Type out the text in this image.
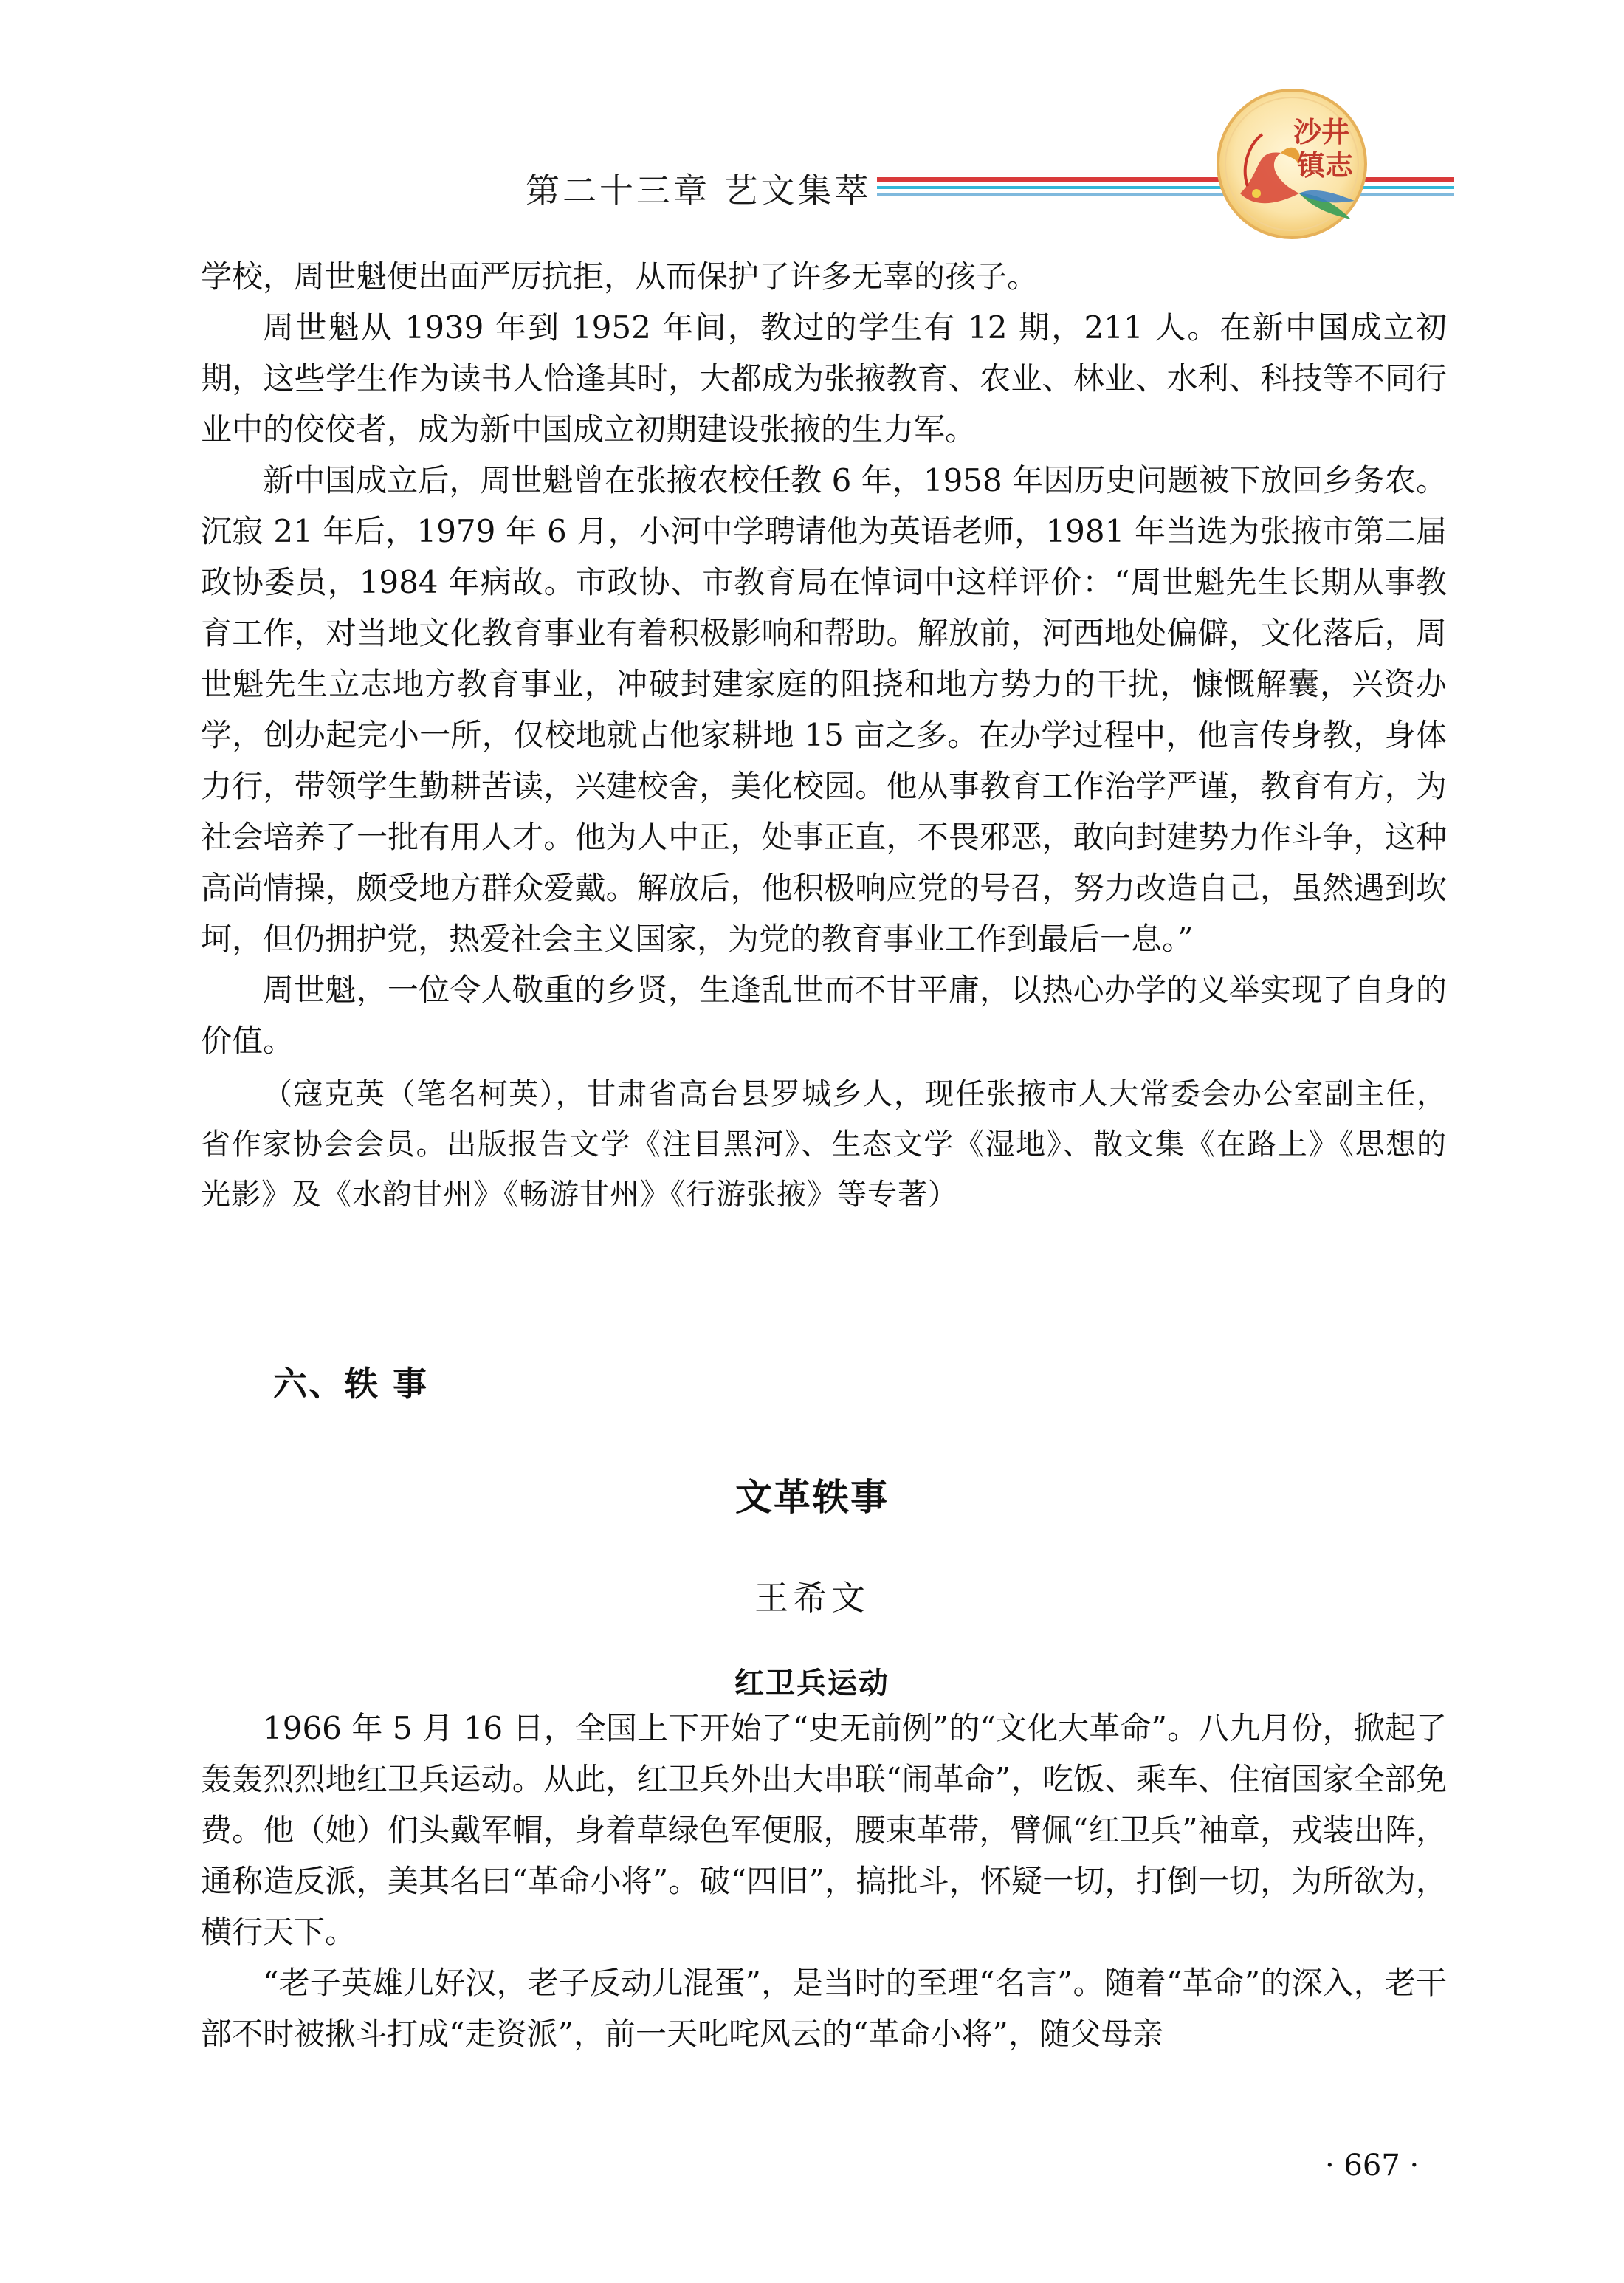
第二十三章 艺文集萃
沙井
镇志

学校，周世魁便出面严厉抗拒，从而保护了许多无辜的孩子。

周世魁从 1939 年到 1952 年间，教过的学生有 12 期，211 人。在新中国成立初期，这些学生作为读书人恰逢其时，大都成为张掖教育、农业、林业、水利、科技等不同行业中的佼佼者，成为新中国成立初期建设张掖的生力军。

新中国成立后，周世魁曾在张掖农校任教 6 年，1958 年因历史问题被下放回乡务农。沉寂 21 年后，1979 年 6 月，小河中学聘请他为英语老师，1981 年当选为张掖市第二届政协委员，1984 年病故。市政协、市教育局在悼词中这样评价：“周世魁先生长期从事教育工作，对当地文化教育事业有着积极影响和帮助。解放前，河西地处偏僻，文化落后，周世魁先生立志地方教育事业，冲破封建家庭的阻挠和地方势力的干扰，慷慨解囊，兴资办学，创办起完小一所，仅校地就占他家耕地 15 亩之多。在办学过程中，他言传身教，身体力行，带领学生勤耕苦读，兴建校舍，美化校园。他从事教育工作治学严谨，教育有方，为社会培养了一批有用人才。他为人中正，处事正直，不畏邪恶，敢向封建势力作斗争，这种高尚情操，颇受地方群众爱戴。解放后，他积极响应党的号召，努力改造自己，虽然遇到坎坷，但仍拥护党，热爱社会主义国家，为党的教育事业工作到最后一息。”

周世魁，一位令人敬重的乡贤，生逢乱世而不甘平庸，以热心办学的义举实现了自身的价值。

（寇克英（笔名柯英），甘肃省高台县罗城乡人，现任张掖市人大常委会办公室副主任，省作家协会会员。出版报告文学《注目黑河》、生态文学《湿地》、散文集《在路上》《思想的光影》及《水韵甘州》《畅游甘州》《行游张掖》等专著）

六、轶 事
文革轶事
王希文
红卫兵运动

1966 年 5 月 16 日，全国上下开始了“史无前例”的“文化大革命”。八九月份，掀起了轰轰烈烈地红卫兵运动。从此，红卫兵外出大串联“闹革命”，吃饭、乘车、住宿国家全部免费。他（她）们头戴军帽，身着草绿色军便服，腰束革带，臂佩“红卫兵”袖章，戎装出阵，通称造反派，美其名曰“革命小将”。破“四旧”，搞批斗，怀疑一切，打倒一切，为所欲为，横行天下。

“老子英雄儿好汉，老子反动儿混蛋”，是当时的至理“名言”。随着“革命”的深入，老干部不时被揪斗打成“走资派”，前一天叱咤风云的“革命小将”，随父母亲

· 667 ·
